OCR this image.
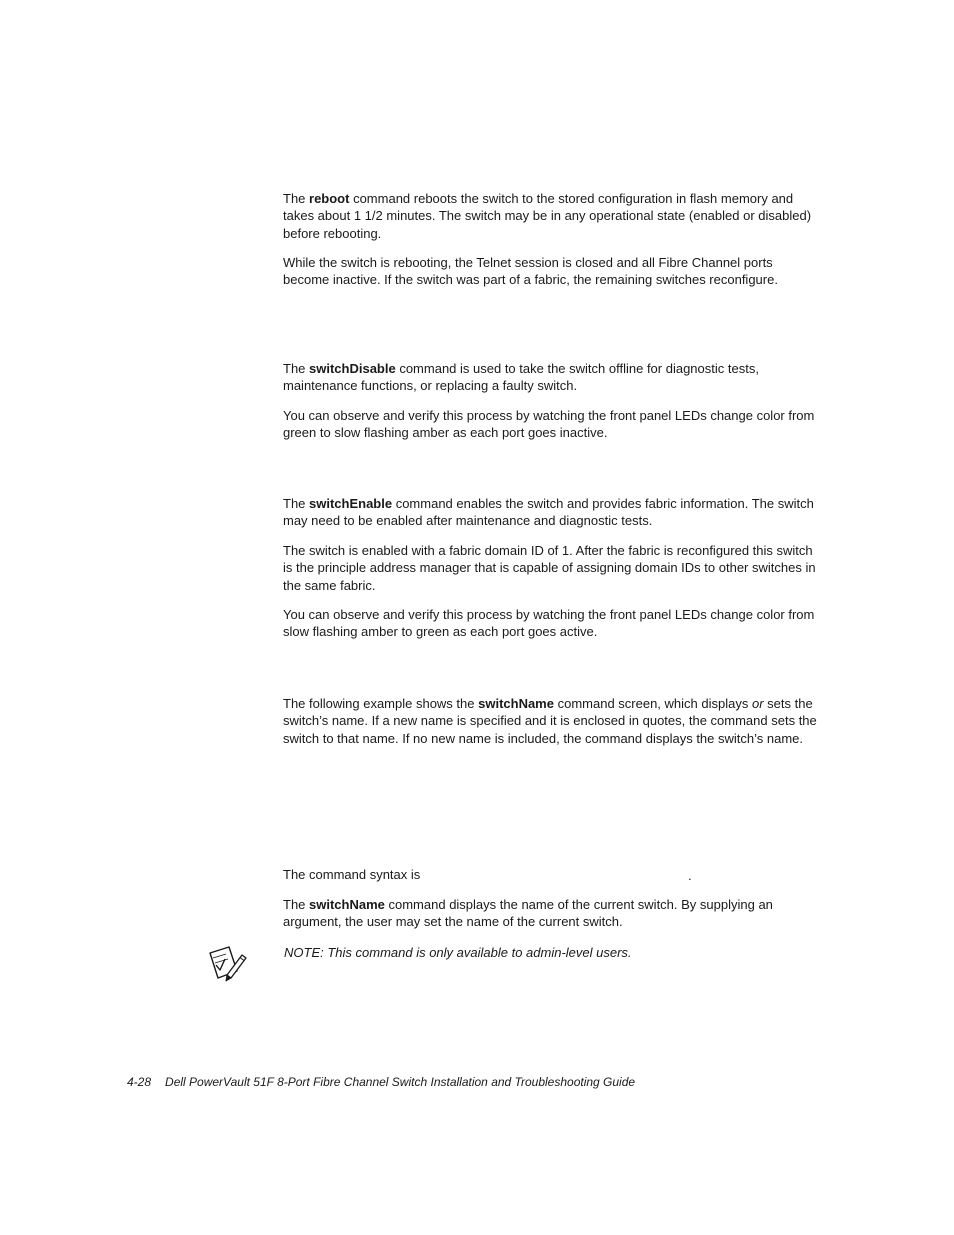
The reboot command reboots the switch to the stored configuration in flash memory and takes about 1 1/2 minutes. The switch may be in any operational state (enabled or disabled) before rebooting.

While the switch is rebooting, the Telnet session is closed and all Fibre Channel ports become inactive. If the switch was part of a fabric, the remaining switches reconfigure.

The switchDisable command is used to take the switch offline for diagnostic tests, maintenance functions, or replacing a faulty switch.

You can observe and verify this process by watching the front panel LEDs change color from green to slow flashing amber as each port goes inactive.

The switchEnable command enables the switch and provides fabric information. The switch may need to be enabled after maintenance and diagnostic tests.

The switch is enabled with a fabric domain ID of 1. After the fabric is reconfigured this switch is the principle address manager that is capable of assigning domain IDs to other switches in the same fabric.

You can observe and verify this process by watching the front panel LEDs change color from slow flashing amber to green as each port goes active.

The following example shows the switchName command screen, which displays or sets the switch’s name. If a new name is specified and it is enclosed in quotes, the command sets the switch to that name. If no new name is included, the command displays the switch’s name.

The command syntax is	.

The switchName command displays the name of the current switch. By supplying an argument, the user may set the name of the current switch.

NOTE: This command is only available to admin-level users.

4-28 Dell PowerVault 51F 8-Port Fibre Channel Switch Installation and Troubleshooting Guide
